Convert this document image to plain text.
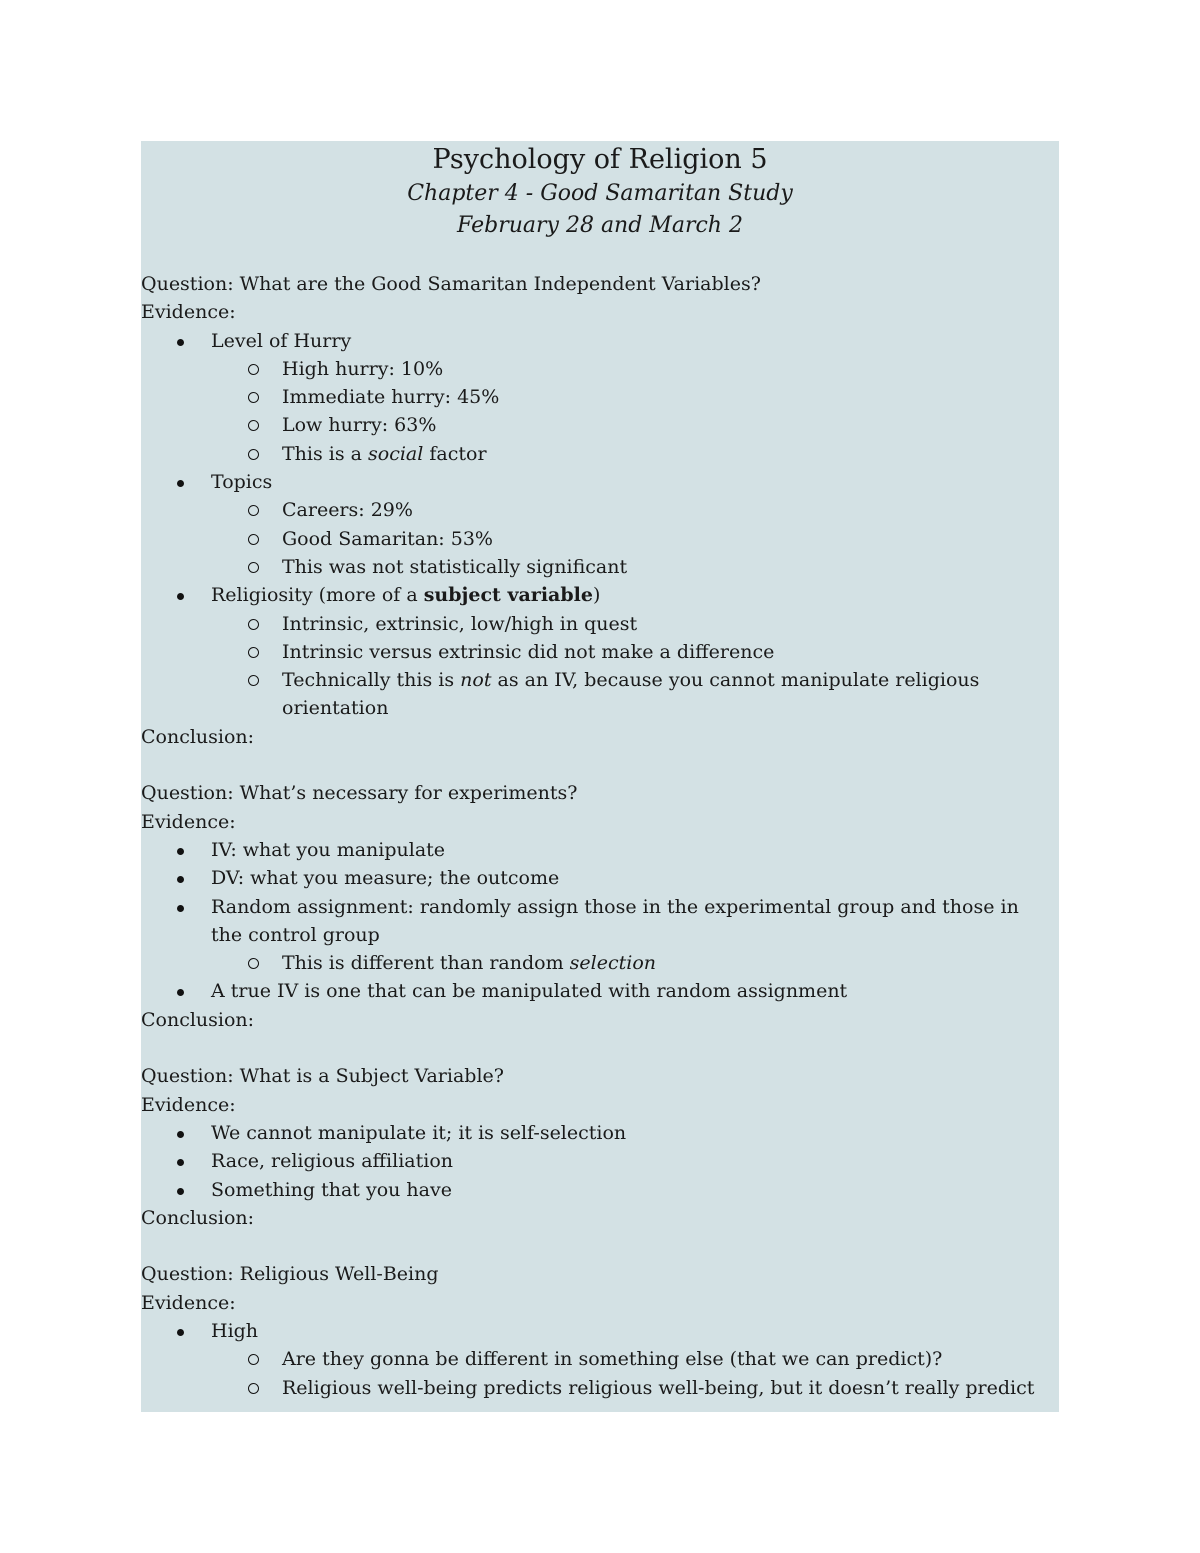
Psychology of Religion 5
Chapter 4 - Good Samaritan Study
February 28 and March 2
Question: What are the Good Samaritan Independent Variables?
Evidence:
Level of Hurry
High hurry: 10%
Immediate hurry: 45%
Low hurry: 63%
This is a social factor
Topics
Careers: 29%
Good Samaritan: 53%
This was not statistically significant
Religiosity (more of a subject variable)
Intrinsic, extrinsic, low/high in quest
Intrinsic versus extrinsic did not make a difference
Technically this is not as an IV, because you cannot manipulate religious orientation
Conclusion:
Question: What’s necessary for experiments?
Evidence:
IV: what you manipulate
DV: what you measure; the outcome
Random assignment: randomly assign those in the experimental group and those in the control group
This is different than random selection
A true IV is one that can be manipulated with random assignment
Conclusion:
Question: What is a Subject Variable?
Evidence:
We cannot manipulate it; it is self-selection
Race, religious affiliation
Something that you have
Conclusion:
Question: Religious Well-Being
Evidence:
High
Are they gonna be different in something else (that we can predict)?
Religious well-being predicts religious well-being, but it doesn’t really predict
